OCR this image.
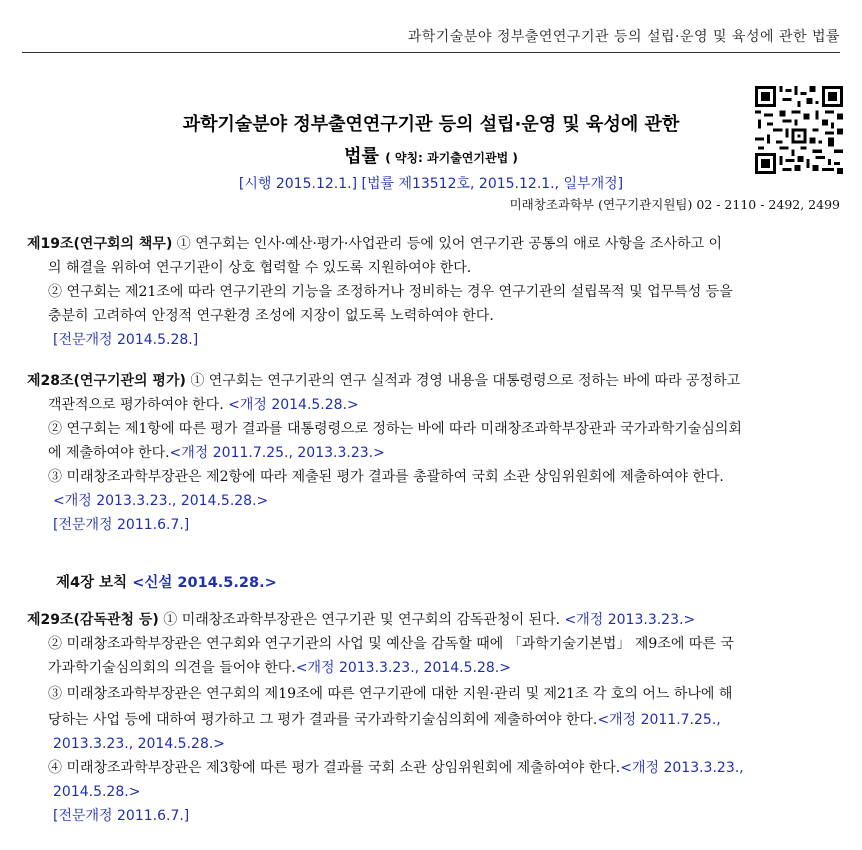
과학기술분야 정부출연연구기관 등의 설립·운영 및 육성에 관한 법률
과학기술분야 정부출연연구기관 등의 설립·운영 및 육성에 관한
법률 ( 약칭: 과기출연기관법 )
[시행 2015.12.1.] [법률 제13512호, 2015.12.1., 일부개정]
미래창조과학부 (연구기관지원팀) 02 - 2110 - 2492, 2499
제19조(연구회의 책무) ① 연구회는 인사·예산·평가·사업관리 등에 있어 연구기관 공통의 애로 사항을 조사하고 이
의 해결을 위하여 연구기관이 상호 협력할 수 있도록 지원하여야 한다.
② 연구회는 제21조에 따라 연구기관의 기능을 조정하거나 정비하는 경우 연구기관의 설립목적 및 업무특성 등을
충분히 고려하여 안정적 연구환경 조성에 지장이 없도록 노력하여야 한다.
[전문개정 2014.5.28.]
제28조(연구기관의 평가) ① 연구회는 연구기관의 연구 실적과 경영 내용을 대통령령으로 정하는 바에 따라 공정하고
객관적으로 평가하여야 한다. <개정 2014.5.28.>
② 연구회는 제1항에 따른 평가 결과를 대통령령으로 정하는 바에 따라 미래창조과학부장관과 국가과학기술심의회
에 제출하여야 한다.<개정 2011.7.25., 2013.3.23.>
③ 미래창조과학부장관은 제2항에 따라 제출된 평가 결과를 총괄하여 국회 소관 상임위원회에 제출하여야 한다.
<개정 2013.3.23., 2014.5.28.>
[전문개정 2011.6.7.]
제4장 보칙 <신설 2014.5.28.>
제29조(감독관청 등) ① 미래창조과학부장관은 연구기관 및 연구회의 감독관청이 된다. <개정 2013.3.23.>
② 미래창조과학부장관은 연구회와 연구기관의 사업 및 예산을 감독할 때에 「과학기술기본법」 제9조에 따른 국
가과학기술심의회의 의견을 들어야 한다.<개정 2013.3.23., 2014.5.28.>
③ 미래창조과학부장관은 연구회의 제19조에 따른 연구기관에 대한 지원·관리 및 제21조 각 호의 어느 하나에 해
당하는 사업 등에 대하여 평가하고 그 평가 결과를 국가과학기술심의회에 제출하여야 한다.<개정 2011.7.25.,
2013.3.23., 2014.5.28.>
④ 미래창조과학부장관은 제3항에 따른 평가 결과를 국회 소관 상임위원회에 제출하여야 한다.<개정 2013.3.23.,
2014.5.28.>
[전문개정 2011.6.7.]
